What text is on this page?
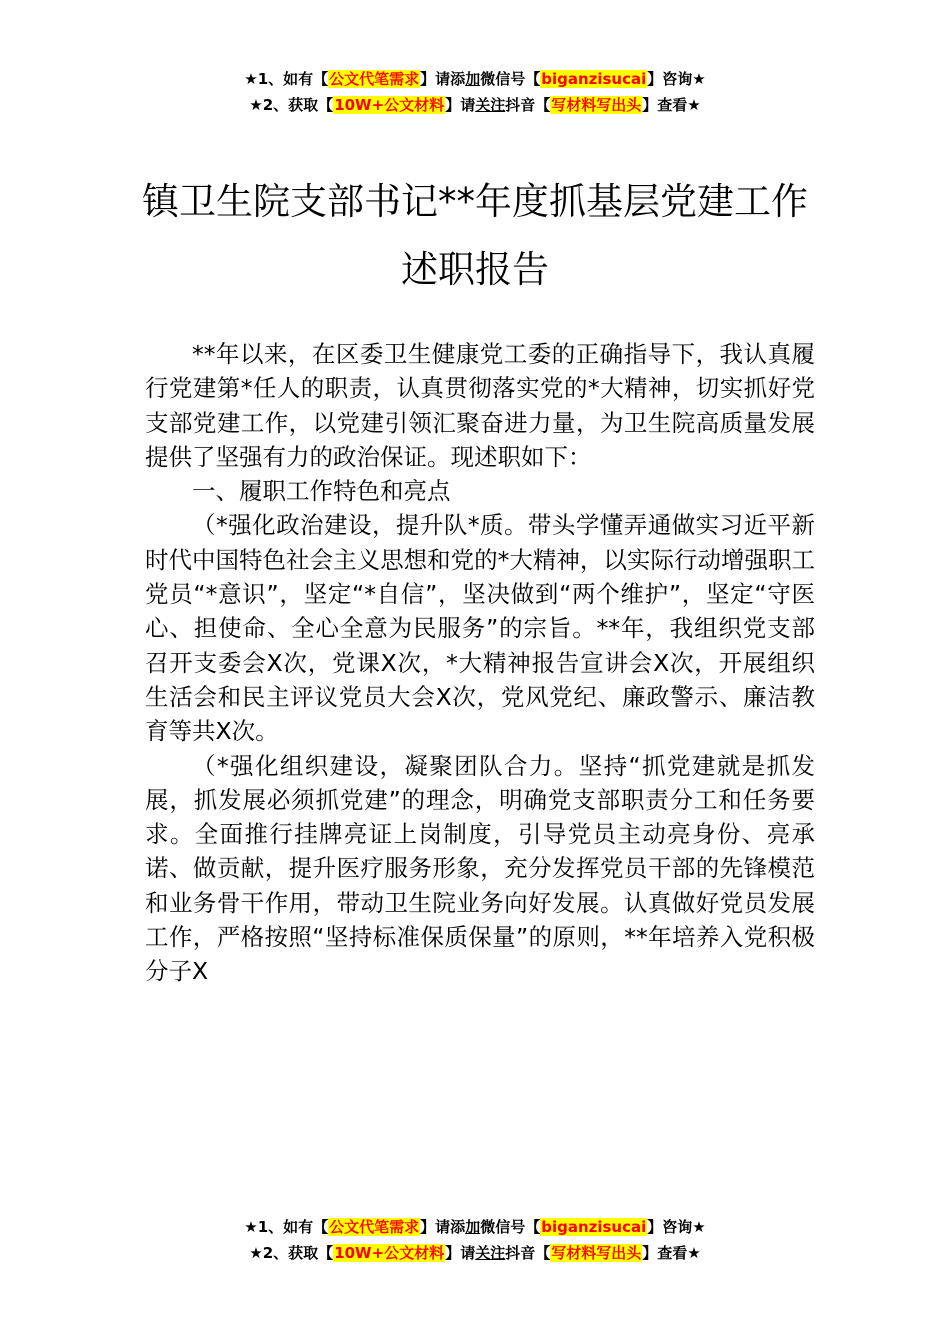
★1、如有【公文代笔需求】请添加微信号【biganzisucai】咨询★
★2、获取【10W+公文材料】请关注抖音【写材料写出头】查看★
镇卫生院支部书记**年度抓基层党建工作
述职报告

**年以来，在区委卫生健康党工委的正确指导下，我认真履行党建第*任人的职责，认真贯彻落实党的*大精神，切实抓好党支部党建工作，以党建引领汇聚奋进力量，为卫生院高质量发展提供了坚强有力的政治保证。现述职如下：

一、履职工作特色和亮点

（*强化政治建设，提升队*质。带头学懂弄通做实习近平新时代中国特色社会主义思想和党的*大精神，以实际行动增强职工党员“*意识”，坚定“*自信”，坚决做到“两个维护”，坚定“守医心、担使命、全心全意为民服务”的宗旨。**年，我组织党支部召开支委会X次，党课X次，*大精神报告宣讲会X次，开展组织生活会和民主评议党员大会X次，党风党纪、廉政警示、廉洁教育等共X次。

（*强化组织建设，凝聚团队合力。坚持“抓党建就是抓发展，抓发展必须抓党建”的理念，明确党支部职责分工和任务要求。全面推行挂牌亮证上岗制度，引导党员主动亮身份、亮承诺、做贡献，提升医疗服务形象，充分发挥党员干部的先锋模范和业务骨干作用，带动卫生院业务向好发展。认真做好党员发展工作，严格按照“坚持标准保质保量”的原则，**年培养入党积极分子X

★1、如有【公文代笔需求】请添加微信号【biganzisucai】咨询★
★2、获取【10W+公文材料】请关注抖音【写材料写出头】查看★
